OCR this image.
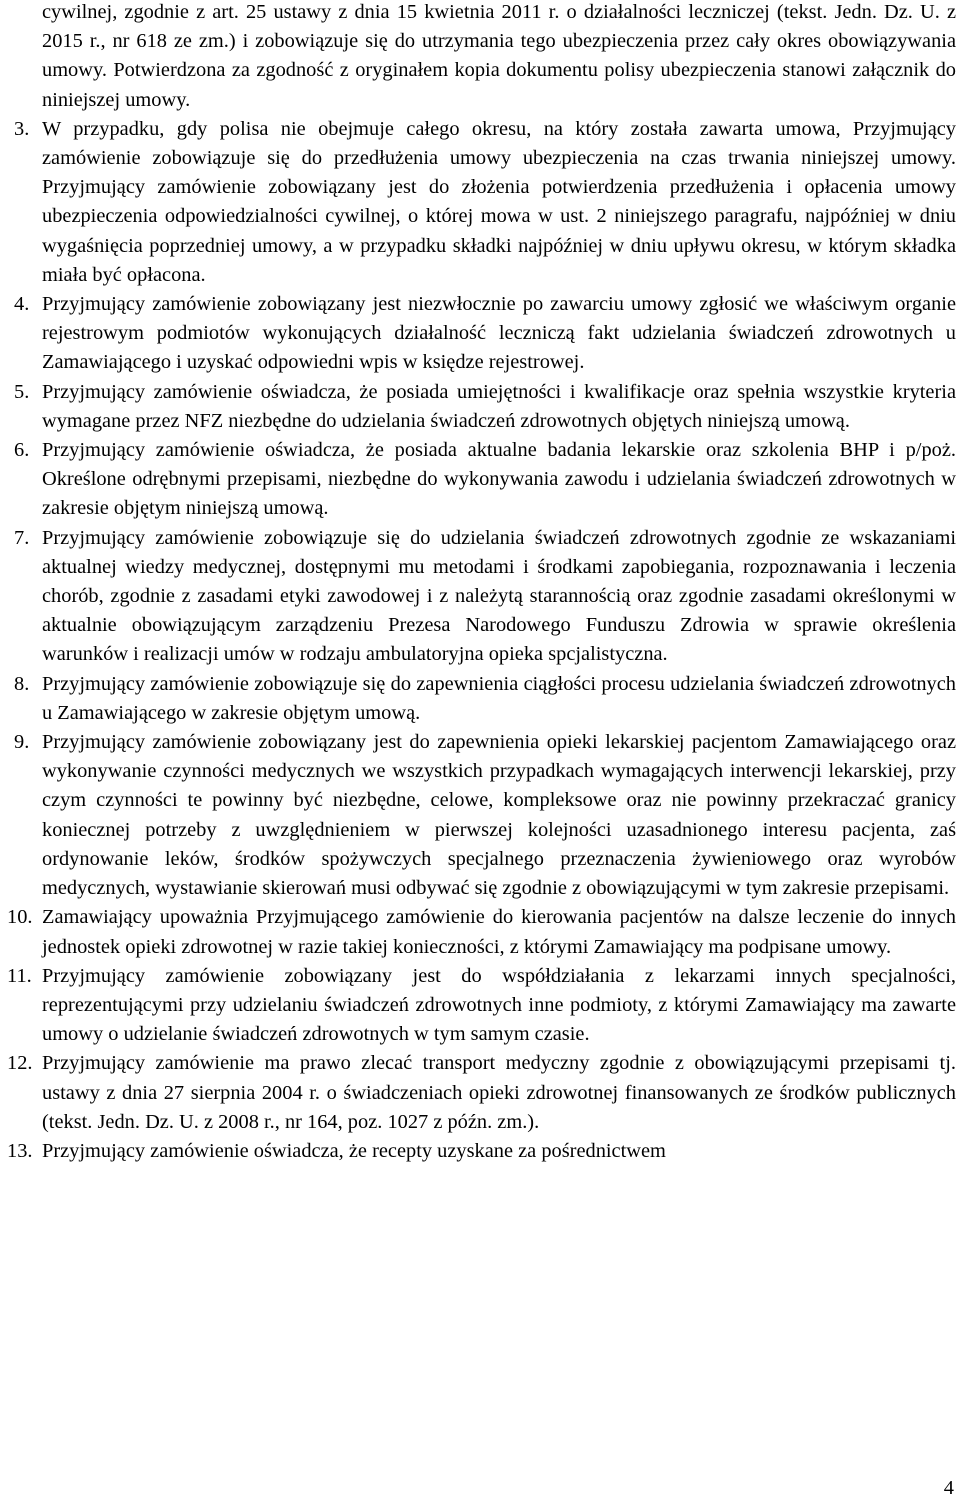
cywilnej, zgodnie z art. 25 ustawy z dnia 15 kwietnia 2011 r. o działalności leczniczej (tekst. Jedn. Dz. U. z 2015 r., nr 618 ze zm.) i zobowiązuje się do utrzymania tego ubezpieczenia przez cały okres obowiązywania umowy. Potwierdzona za zgodność z oryginałem kopia dokumentu polisy ubezpieczenia stanowi załącznik do niniejszej umowy.
3. W przypadku, gdy polisa nie obejmuje całego okresu, na który została zawarta umowa, Przyjmujący zamówienie zobowiązuje się do przedłużenia umowy ubezpieczenia na czas trwania niniejszej umowy. Przyjmujący zamówienie zobowiązany jest do złożenia potwierdzenia przedłużenia i opłacenia umowy ubezpieczenia odpowiedzialności cywilnej, o której mowa w ust. 2 niniejszego paragrafu, najpóźniej w dniu wygaśnięcia poprzedniej umowy, a w przypadku składki najpóźniej w dniu upływu okresu, w którym składka miała być opłacona.
4. Przyjmujący zamówienie zobowiązany jest niezwłocznie po zawarciu umowy zgłosić we właściwym organie rejestrowym podmiotów wykonujących działalność leczniczą fakt udzielania świadczeń zdrowotnych u Zamawiającego i uzyskać odpowiedni wpis w księdze rejestrowej.
5. Przyjmujący zamówienie oświadcza, że posiada umiejętności i kwalifikacje oraz spełnia wszystkie kryteria wymagane przez NFZ niezbędne do udzielania świadczeń zdrowotnych objętych niniejszą umową.
6. Przyjmujący zamówienie oświadcza, że posiada aktualne badania lekarskie oraz szkolenia BHP i p/poż. Określone odrębnymi przepisami, niezbędne do wykonywania zawodu i udzielania świadczeń zdrowotnych w zakresie objętym niniejszą umową.
7. Przyjmujący zamówienie zobowiązuje się do udzielania świadczeń zdrowotnych zgodnie ze wskazaniami aktualnej wiedzy medycznej, dostępnymi mu metodami i środkami zapobiegania, rozpoznawania i leczenia chorób, zgodnie z zasadami etyki zawodowej i z należytą starannością oraz zgodnie zasadami określonymi w aktualnie obowiązującym zarządzeniu Prezesa Narodowego Funduszu Zdrowia w sprawie określenia warunków i realizacji umów w rodzaju ambulatoryjna opieka spcjalistyczna.
8. Przyjmujący zamówienie zobowiązuje się do zapewnienia ciągłości procesu udzielania świadczeń zdrowotnych u Zamawiającego w zakresie objętym umową.
9. Przyjmujący zamówienie zobowiązany jest do zapewnienia opieki lekarskiej pacjentom Zamawiającego oraz wykonywanie czynności medycznych we wszystkich przypadkach wymagających interwencji lekarskiej, przy czym czynności te powinny być niezbędne, celowe, kompleksowe oraz nie powinny przekraczać granicy koniecznej potrzeby z uwzględnieniem w pierwszej kolejności uzasadnionego interesu pacjenta, zaś ordynowanie leków, środków spożywczych specjalnego przeznaczenia żywieniowego oraz wyrobów medycznych, wystawianie skierowań musi odbywać się zgodnie z obowiązującymi w tym zakresie przepisami.
10. Zamawiający upoważnia Przyjmującego zamówienie do kierowania pacjentów na dalsze leczenie do innych jednostek opieki zdrowotnej w razie takiej konieczności, z którymi Zamawiający ma podpisane umowy.
11. Przyjmujący zamówienie zobowiązany jest do współdziałania z lekarzami innych specjalności, reprezentującymi przy udzielaniu świadczeń zdrowotnych inne podmioty, z którymi Zamawiający ma zawarte umowy o udzielanie świadczeń zdrowotnych w tym samym czasie.
12. Przyjmujący zamówienie ma prawo zlecać transport medyczny zgodnie z obowiązującymi przepisami tj. ustawy z dnia 27 sierpnia 2004 r. o świadczeniach opieki zdrowotnej finansowanych ze środków publicznych (tekst. Jedn. Dz. U. z 2008 r., nr 164, poz. 1027 z późn. zm.).
13. Przyjmujący zamówienie oświadcza, że recepty uzyskane za pośrednictwem
4
